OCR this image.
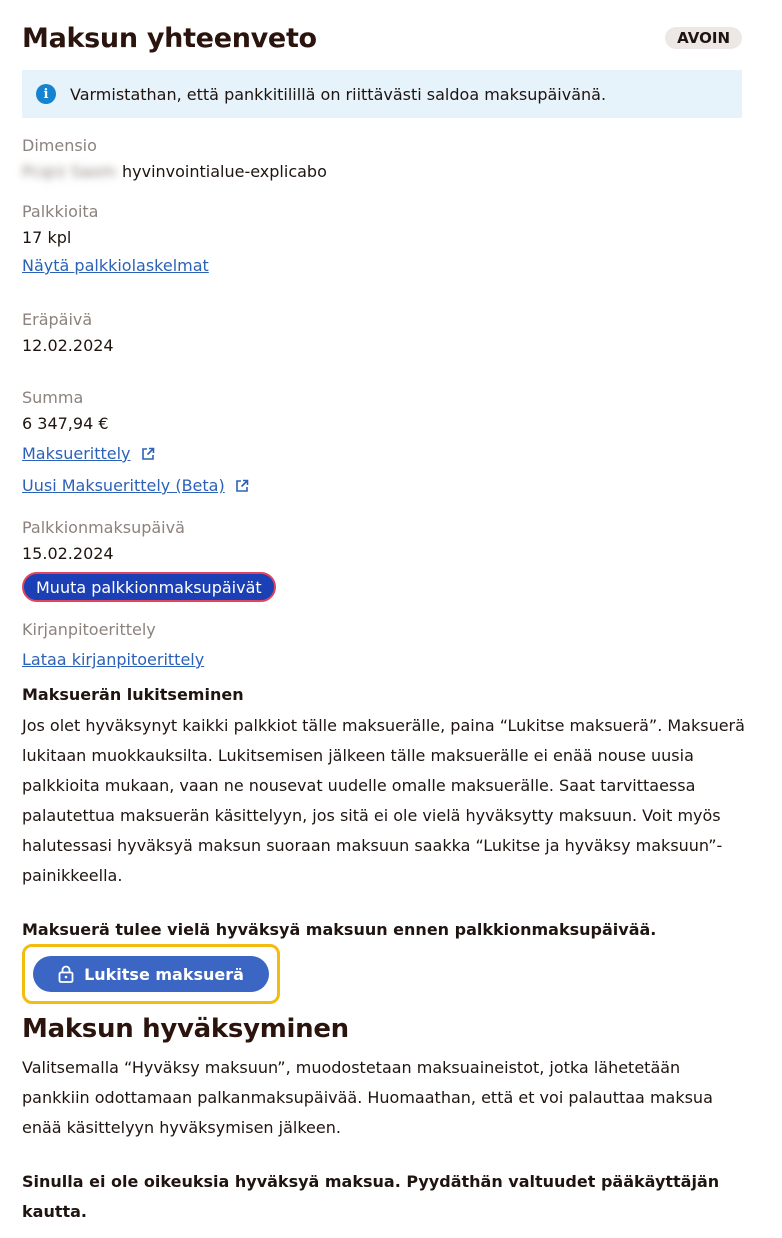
Maksun yhteenveto	AVOIN
i	Varmistathan, että pankkitilillä on riittävästi saldoa maksupäivänä.
Dimensio
Pcqrz Saom hyvinvointialue-explicabo
Palkkioita
17 kpl
Näytä palkkiolaskelmat
Eräpäivä
12.02.2024
Summa
6 347,94 €
Maksuerittely
Uusi Maksuerittely (Beta)
Palkkionmaksupäivä
15.02.2024
Muuta palkkionmaksupäivät
Kirjanpitoerittely
Lataa kirjanpitoerittely
Maksuerän lukitseminen
Jos olet hyväksynyt kaikki palkkiot tälle maksuerälle, paina “Lukitse maksuerä”. Maksuerä lukitaan muokkauksilta. Lukitsemisen jälkeen tälle maksuerälle ei enää nouse uusia palkkioita mukaan, vaan ne nousevat uudelle omalle maksuerälle. Saat tarvittaessa palautettua maksuerän käsittelyyn, jos sitä ei ole vielä hyväksytty maksuun. Voit myös halutessasi hyväksyä maksun suoraan maksuun saakka “Lukitse ja hyväksy maksuun”-painikkeella.
Maksuerä tulee vielä hyväksyä maksuun ennen palkkionmaksupäivää.
Lukitse maksuerä
Maksun hyväksyminen
Valitsemalla “Hyväksy maksuun”, muodostetaan maksuaineistot, jotka lähetetään pankkiin odottamaan palkanmaksupäivää. Huomaathan, että et voi palauttaa maksua enää käsittelyyn hyväksymisen jälkeen.
Sinulla ei ole oikeuksia hyväksyä maksua. Pyydäthän valtuudet pääkäyttäjän kautta.
